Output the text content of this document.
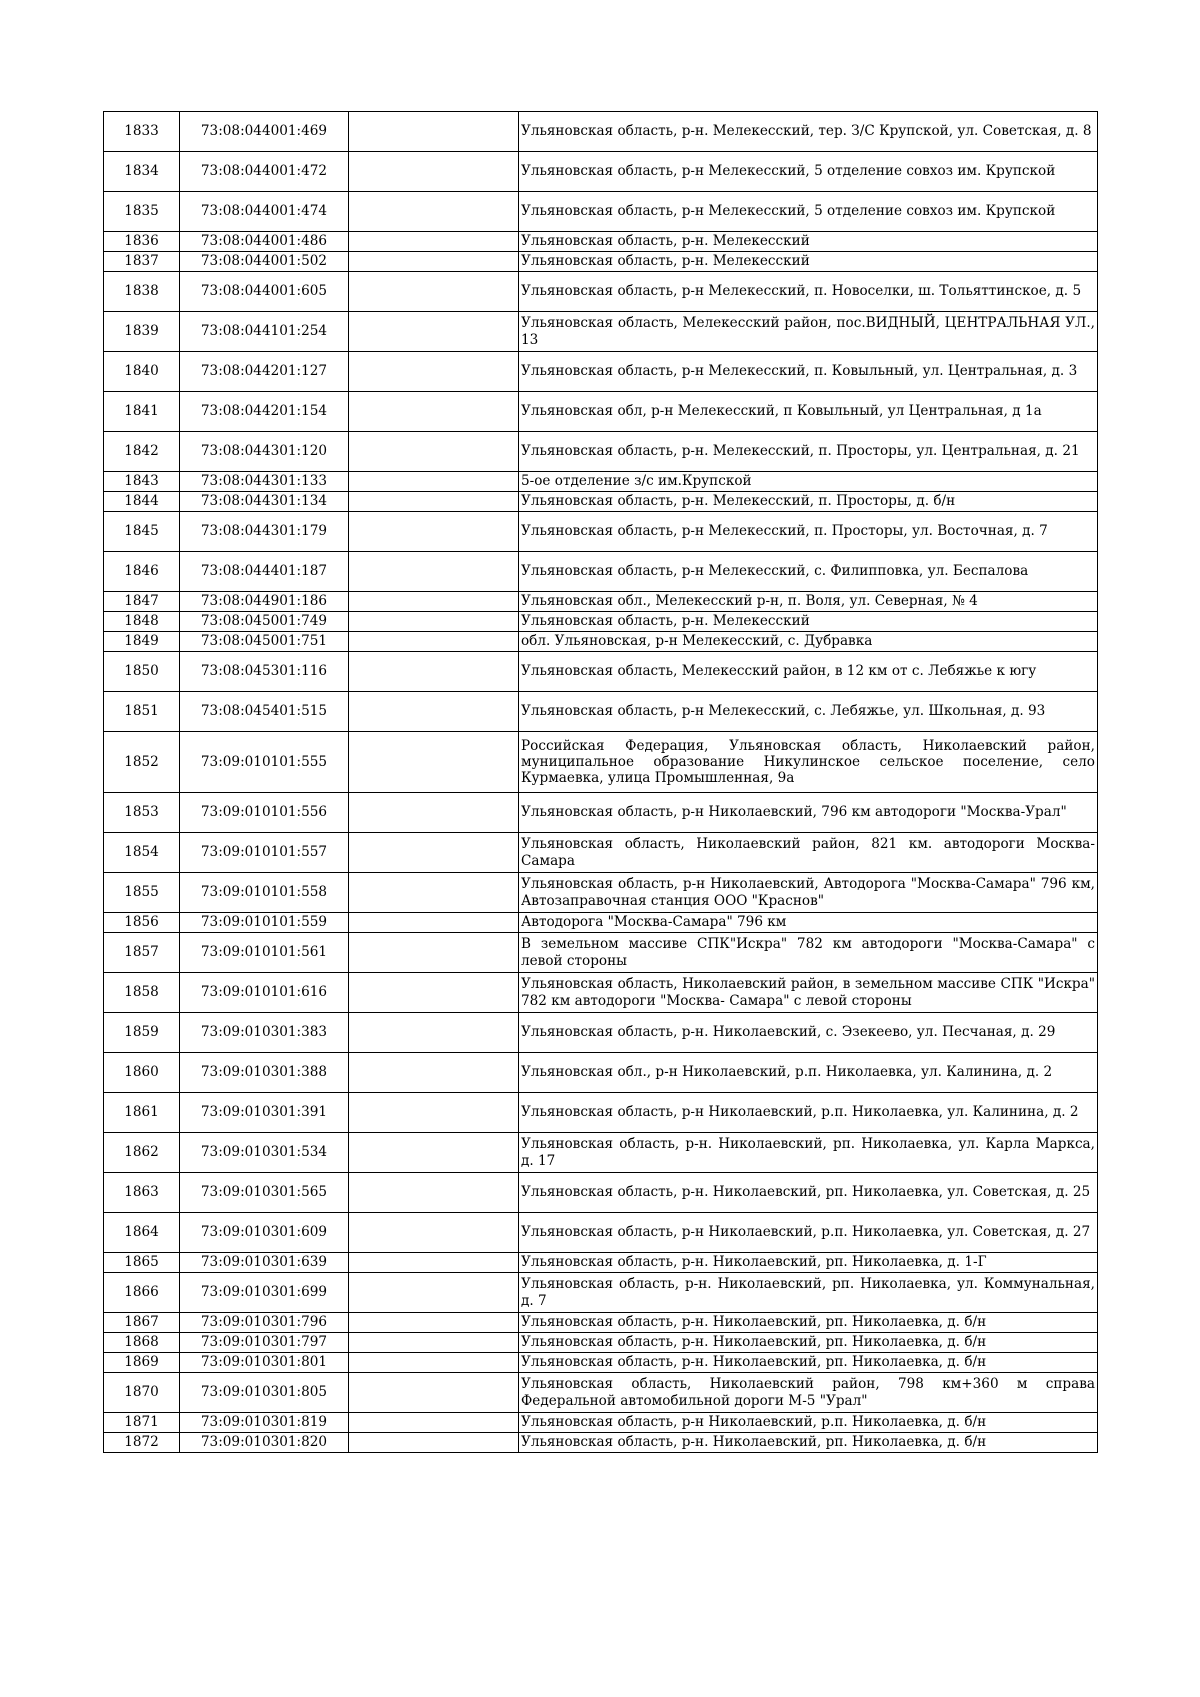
1833	73:08:044001:469		Ульяновская область, р-н. Мелекесский, тер. З/С Крупской, ул. Советская, д. 8
1834	73:08:044001:472		Ульяновская область, р-н Мелекесский, 5 отделение совхоз им. Крупской
1835	73:08:044001:474		Ульяновская область, р-н Мелекесский, 5 отделение совхоз им. Крупской
1836	73:08:044001:486		Ульяновская область, р-н. Мелекесский
1837	73:08:044001:502		Ульяновская область, р-н. Мелекесский
1838	73:08:044001:605		Ульяновская область, р-н Мелекесский, п. Новоселки, ш. Тольяттинское, д. 5
1839	73:08:044101:254		Ульяновская область, Мелекесский район, пос.ВИДНЫЙ, ЦЕНТРАЛЬНАЯ УЛ., 13
1840	73:08:044201:127		Ульяновская область, р-н Мелекесский, п. Ковыльный, ул. Центральная, д. 3
1841	73:08:044201:154		Ульяновская обл, р-н Мелекесский, п Ковыльный, ул Центральная, д 1а
1842	73:08:044301:120		Ульяновская область, р-н. Мелекесский, п. Просторы, ул. Центральная, д. 21
1843	73:08:044301:133		5-ое отделение з/с им.Крупской
1844	73:08:044301:134		Ульяновская область, р-н. Мелекесский, п. Просторы, д. б/н
1845	73:08:044301:179		Ульяновская область, р-н Мелекесский, п. Просторы, ул. Восточная, д. 7
1846	73:08:044401:187		Ульяновская область, р-н Мелекесский, с. Филипповка, ул. Беспалова
1847	73:08:044901:186		Ульяновская обл., Мелекесский р-н, п. Воля, ул. Северная, № 4
1848	73:08:045001:749		Ульяновская область, р-н. Мелекесский
1849	73:08:045001:751		обл. Ульяновская, р-н Мелекесский, с. Дубравка
1850	73:08:045301:116		Ульяновская область, Мелекесский район, в 12 км от с. Лебяжье к югу
1851	73:08:045401:515		Ульяновская область, р-н Мелекесский, с. Лебяжье, ул. Школьная, д. 93
1852	73:09:010101:555		Российская Федерация, Ульяновская область, Николаевский район, муниципальное образование Никулинское сельское поселение, село Курмаевка, улица Промышленная, 9а
1853	73:09:010101:556		Ульяновская область, р-н Николаевский, 796 км автодороги "Москва-Урал"
1854	73:09:010101:557		Ульяновская область, Николаевский район, 821 км. автодороги Москва-Самара
1855	73:09:010101:558		Ульяновская область, р-н Николаевский, Автодорога "Москва-Самара" 796 км, Автозаправочная станция ООО "Краснов"
1856	73:09:010101:559		Автодорога "Москва-Самара" 796 км
1857	73:09:010101:561		В земельном массиве СПК"Искра" 782 км автодороги "Москва-Самара" с левой стороны
1858	73:09:010101:616		Ульяновская область, Николаевский район, в земельном массиве СПК "Искра" 782 км автодороги "Москва- Самара" с левой стороны
1859	73:09:010301:383		Ульяновская область, р-н. Николаевский, с. Эзекеево, ул. Песчаная, д. 29
1860	73:09:010301:388		Ульяновская обл., р-н Николаевский, р.п. Николаевка, ул. Калинина, д. 2
1861	73:09:010301:391		Ульяновская область, р-н Николаевский, р.п. Николаевка, ул. Калинина, д. 2
1862	73:09:010301:534		Ульяновская область, р-н. Николаевский, рп. Николаевка, ул. Карла Маркса, д. 17
1863	73:09:010301:565		Ульяновская область, р-н. Николаевский, рп. Николаевка, ул. Советская, д. 25
1864	73:09:010301:609		Ульяновская область, р-н Николаевский, р.п. Николаевка, ул. Советская, д. 27
1865	73:09:010301:639		Ульяновская область, р-н. Николаевский, рп. Николаевка, д. 1-Г
1866	73:09:010301:699		Ульяновская область, р-н. Николаевский, рп. Николаевка, ул. Коммунальная, д. 7
1867	73:09:010301:796		Ульяновская область, р-н. Николаевский, рп. Николаевка, д. б/н
1868	73:09:010301:797		Ульяновская область, р-н. Николаевский, рп. Николаевка, д. б/н
1869	73:09:010301:801		Ульяновская область, р-н. Николаевский, рп. Николаевка, д. б/н
1870	73:09:010301:805		Ульяновская область, Николаевский район, 798 км+360 м справа Федеральной автомобильной дороги М-5 "Урал"
1871	73:09:010301:819		Ульяновская область, р-н Николаевский, р.п. Николаевка, д. б/н
1872	73:09:010301:820		Ульяновская область, р-н. Николаевский, рп. Николаевка, д. б/н
